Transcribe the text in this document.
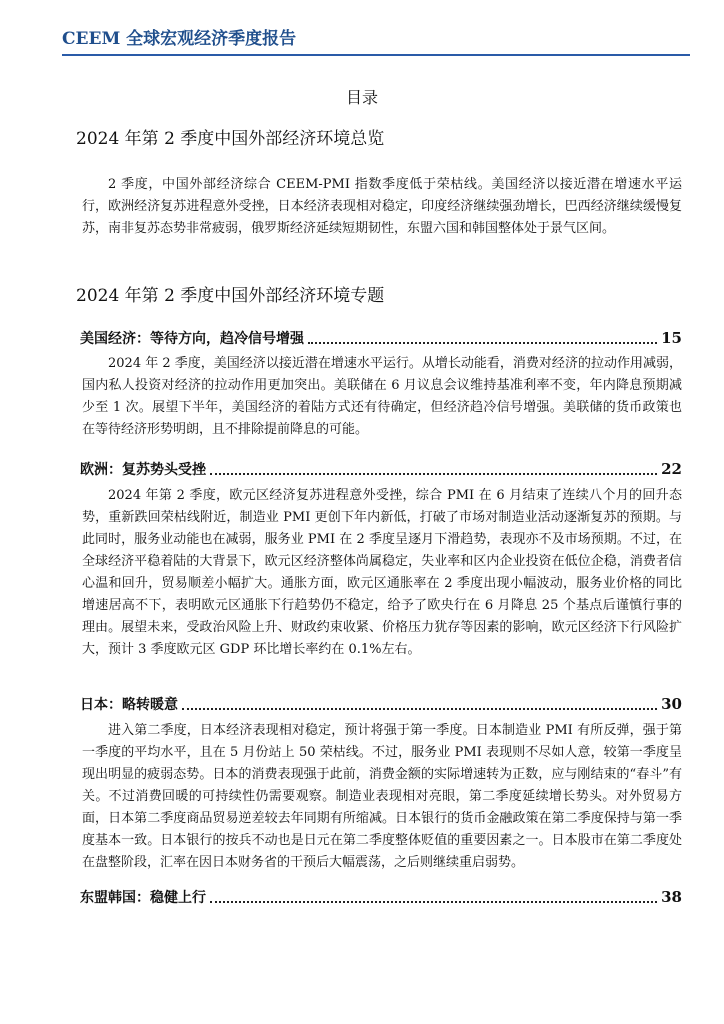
CEEM 全球宏观经济季度报告
目录
2024 年第 2 季度中国外部经济环境总览

2 季度，中国外部经济综合 CEEM-PMI 指数季度低于荣枯线。美国经济以接近潜在增速水平运行，欧洲经济复苏进程意外受挫，日本经济表现相对稳定，印度经济继续强劲增长，巴西经济继续缓慢复苏，南非复苏态势非常疲弱，俄罗斯经济延续短期韧性，东盟六国和韩国整体处于景气区间。

2024 年第 2 季度中国外部经济环境专题
美国经济：等待方向，趋冷信号增强	15

2024 年 2 季度，美国经济以接近潜在增速水平运行。从增长动能看，消费对经济的拉动作用减弱，国内私人投资对经济的拉动作用更加突出。美联储在 6 月议息会议维持基准利率不变，年内降息预期减少至 1 次。展望下半年，美国经济的着陆方式还有待确定，但经济趋冷信号增强。美联储的货币政策也在等待经济形势明朗，且不排除提前降息的可能。

欧洲：复苏势头受挫	22

2024 年第 2 季度，欧元区经济复苏进程意外受挫，综合 PMI 在 6 月结束了连续八个月的回升态势，重新跌回荣枯线附近，制造业 PMI 更创下年内新低，打破了市场对制造业活动逐渐复苏的预期。与此同时，服务业动能也在减弱，服务业 PMI 在 2 季度呈逐月下滑趋势，表现亦不及市场预期。不过，在全球经济平稳着陆的大背景下，欧元区经济整体尚属稳定，失业率和区内企业投资在低位企稳，消费者信心温和回升，贸易顺差小幅扩大。通胀方面，欧元区通胀率在 2 季度出现小幅波动，服务业价格的同比增速居高不下，表明欧元区通胀下行趋势仍不稳定，给予了欧央行在 6 月降息 25 个基点后谨慎行事的理由。展望未来，受政治风险上升、财政约束收紧、价格压力犹存等因素的影响，欧元区经济下行风险扩大，预计 3 季度欧元区 GDP 环比增长率约在 0.1%左右。

日本：略转暖意	30

进入第二季度，日本经济表现相对稳定，预计将强于第一季度。日本制造业 PMI 有所反弹，强于第一季度的平均水平，且在 5 月份站上 50 荣枯线。不过，服务业 PMI 表现则不尽如人意，较第一季度呈现出明显的疲弱态势。日本的消费表现强于此前，消费金额的实际增速转为正数，应与刚结束的“春斗”有关。不过消费回暖的可持续性仍需要观察。制造业表现相对亮眼，第二季度延续增长势头。对外贸易方面，日本第二季度商品贸易逆差较去年同期有所缩减。日本银行的货币金融政策在第二季度保持与第一季度基本一致。日本银行的按兵不动也是日元在第二季度整体贬值的重要因素之一。日本股市在第二季度处在盘整阶段，汇率在因日本财务省的干预后大幅震荡，之后则继续重启弱势。

东盟韩国：稳健上行	38
